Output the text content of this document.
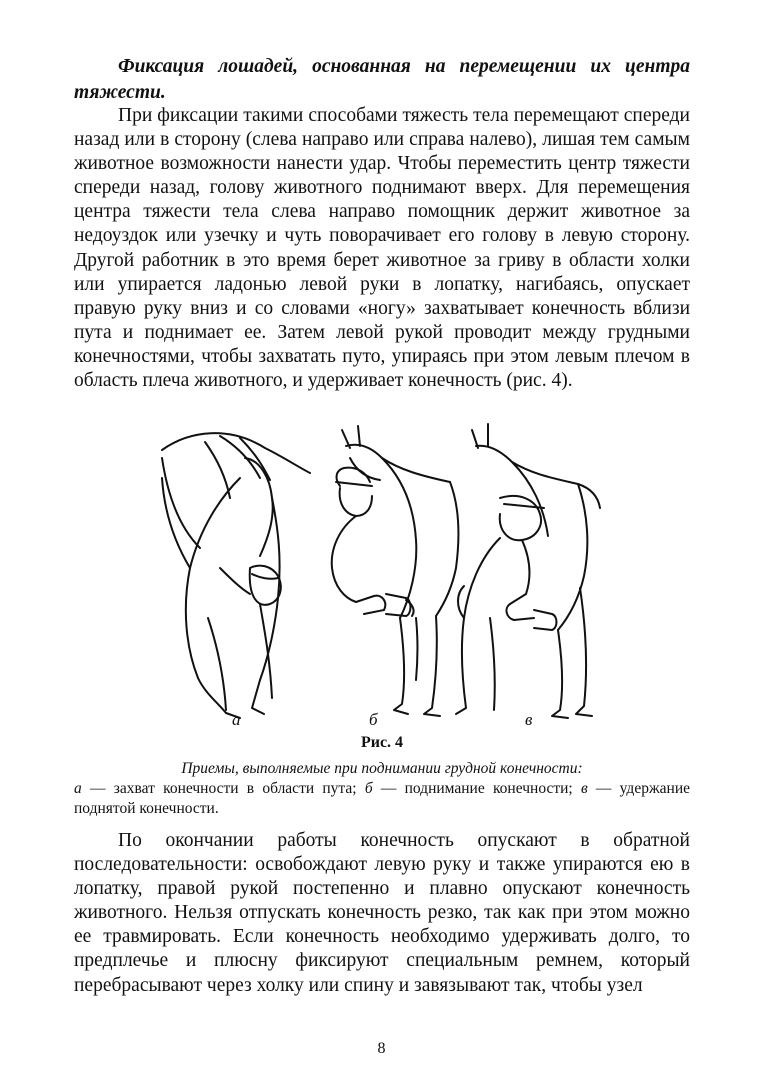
Фиксация лошадей, основанная на перемещении их центра тяжести.

При фиксации такими способами тяжесть тела перемещают спереди назад или в сторону (слева направо или справа налево), лишая тем самым животное возможности нанести удар. Чтобы переместить центр тяжести спереди назад, голову животного поднимают вверх. Для перемещения центра тяжести тела слева направо помощник держит животное за недоуздок или узечку и чуть поворачивает его голову в левую сторону. Другой работник в это время берет животное за гриву в области холки или упирается ладонью левой руки в лопатку, нагибаясь, опускает правую руку вниз и со словами «ногу» захватывает конечность вблизи пута и поднимает ее. Затем левой рукой проводит между грудными конечностями, чтобы захватать путо, упираясь при этом левым плечом в область плеча животного, и удерживает конечность (рис. 4).

а	б	в

Рис. 4

Приемы, выполняемые при поднимании грудной конечности:

а — захват конечности в области пута; б — поднимание конечности; в — удержание поднятой конечности.

По окончании работы конечность опускают в обратной последовательности: освобождают левую руку и также упираются ею в лопатку, правой рукой постепенно и плавно опускают конечность животного. Нельзя отпускать конечность резко, так как при этом можно ее травмировать. Если конечность необходимо удерживать долго, то предплечье и плюсну фиксируют специальным ремнем, который перебрасывают через холку или спину и завязывают так, чтобы узел

8
